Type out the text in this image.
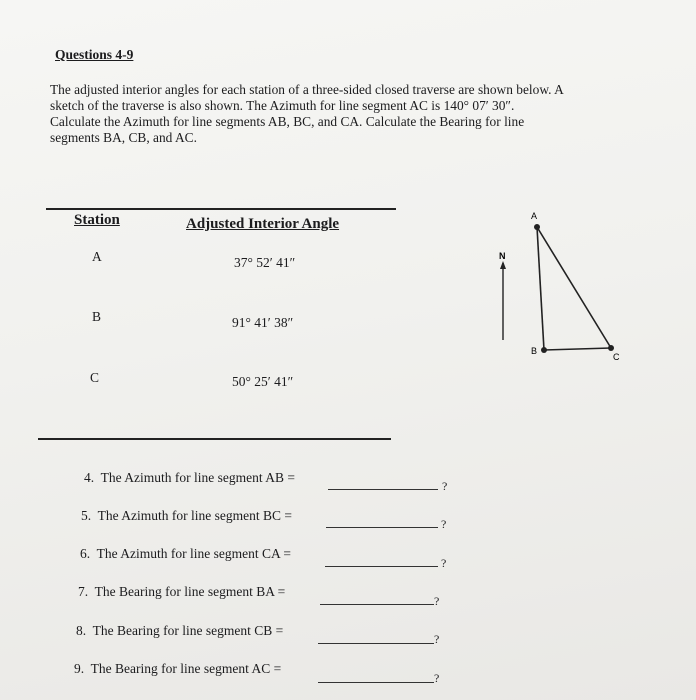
Questions 4-9
The adjusted interior angles for each station of a three-sided closed traverse are shown below. A
sketch of the traverse is also shown. The Azimuth for line segment AC is 140° 07′ 30″.
Calculate the Azimuth for line segments AB, BC, and CA. Calculate the Bearing for line
segments BA, CB, and AC.
Station	Adjusted Interior Angle
A	37° 52′ 41″
B	91° 41′ 38″
C	50° 25′ 41″
N
A
B
C
4. The Azimuth for line segment AB =
?
5. The Azimuth for line segment BC =
?
6. The Azimuth for line segment CA =
?
7. The Bearing for line segment BA =
?
8. The Bearing for line segment CB =
?
9. The Bearing for line segment AC =
?
